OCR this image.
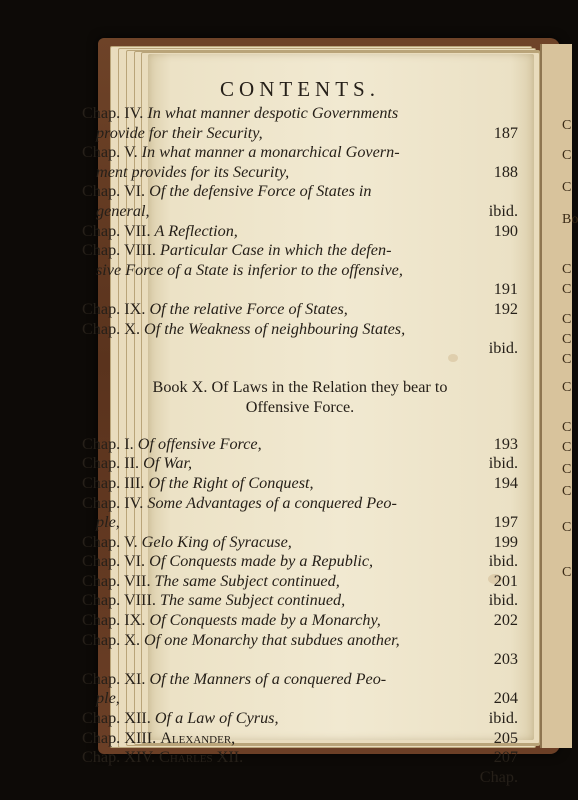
CONTENTS.
Chap. IV. In what manner despotic Governments
provide for their Security,	187
Chap. V. In what manner a monarchical Govern-
ment provides for its Security,	188
Chap. VI. Of the defensive Force of States in
general,	ibid.
Chap. VII. A Reflection,	190
Chap. VIII. Particular Case in which the defen-
sive Force of a State is inferior to the offensive,
191
Chap. IX. Of the relative Force of States,	192
Chap. X. Of the Weakness of neighbouring States,
ibid.
Book X. Of Laws in the Relation they bear to
Offensive Force.
Chap. I. Of offensive Force,	193
Chap. II. Of War,	ibid.
Chap. III. Of the Right of Conquest,	194
Chap. IV. Some Advantages of a conquered Peo-
ple,	197
Chap. V. Gelo King of Syracuse,	199
Chap. VI. Of Conquests made by a Republic,	ibid.
Chap. VII. The same Subject continued,	201
Chap. VIII. The same Subject continued,	ibid.
Chap. IX. Of Conquests made by a Monarchy,	202
Chap. X. Of one Monarchy that subdues another,
203
Chap. XI. Of the Manners of a conquered Peo-
ple,	204
Chap. XII. Of a Law of Cyrus,	ibid.
Chap. XIII. Alexander,	205
Chap. XIV. Charles XII.	207
Chap.
C
C
C
Bo
C
C
C
C
C
C
C
C
C
C
C
C
